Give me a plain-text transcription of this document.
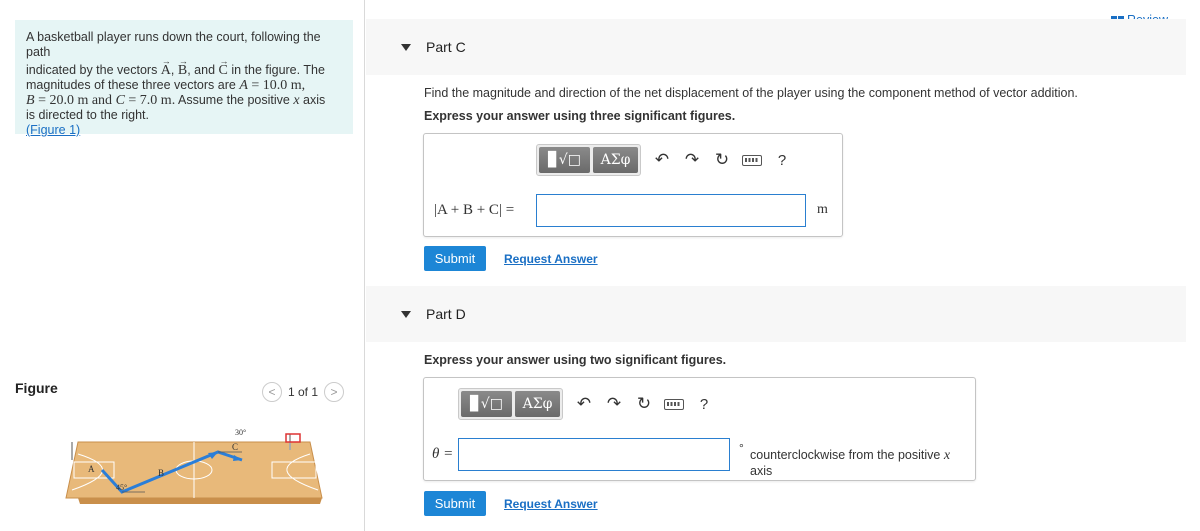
A basketball player runs down the court, following the path
indicated by the vectors → A, → B, and → C in the figure. The
magnitudes of these three vectors are A = 10.0 m,
B = 20.0 m and C = 7.0 m. Assume the positive x axis
is directed to the right.
(Figure 1)
Figure	<	1 of 1	>
30°
45°
A	B
C
Part C
Find the magnitude and direction of the net displacement of the player using the component method of vector addition.
Express your answer using three significant figures.
▊√□	ΑΣφ	↶ ↷ ↻	?
|A + B + C| =	m
Submit	Request Answer
Part D
Express your answer using two significant figures.
▊√□	ΑΣφ	↶ ↷ ↻	?
θ =	° counterclockwise from the positive x axis
Submit	Request Answer
